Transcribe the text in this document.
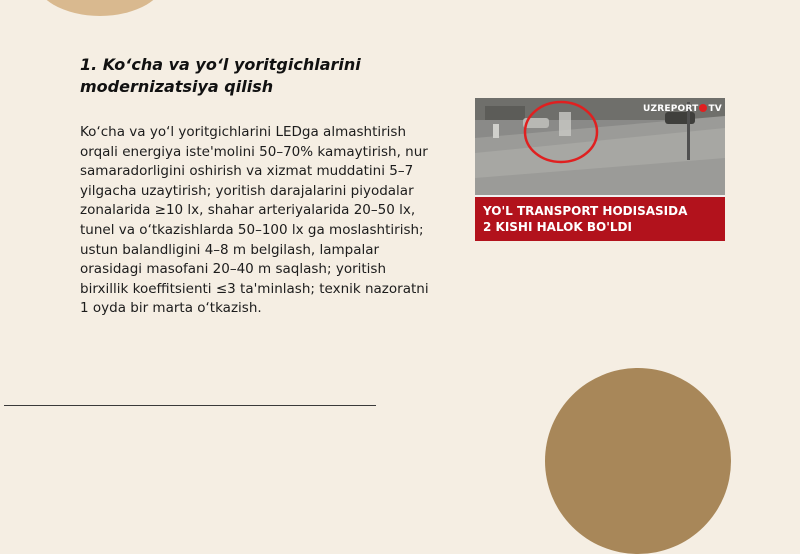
1. Ko‘cha va yo‘l yoritgichlarini
modernizatsiya qilish
Ko‘cha va yo‘l yoritgichlarini LEDga almashtirish orqali energiya iste'molini 50–70% kamaytirish, nur samaradorligini oshirish va xizmat muddatini 5–7 yilgacha uzaytirish; yoritish darajalarini piyodalar zonalarida ≥10 lx, shahar arteriyalarida 20–50 lx, tunel va o‘tkazishlarda 50–100 lx ga moslashtirish; ustun balandligini 4–8 m belgilash, lampalar orasidagi masofani 20–40 m saqlash; yoritish birxillik koeffitsienti ≤3 ta'minlash; texnik nazoratni 1 oyda bir marta o‘tkazish.
UZREPORT TV
YO'L TRANSPORT HODISASIDA
2 KISHI HALOK BO'LDI
